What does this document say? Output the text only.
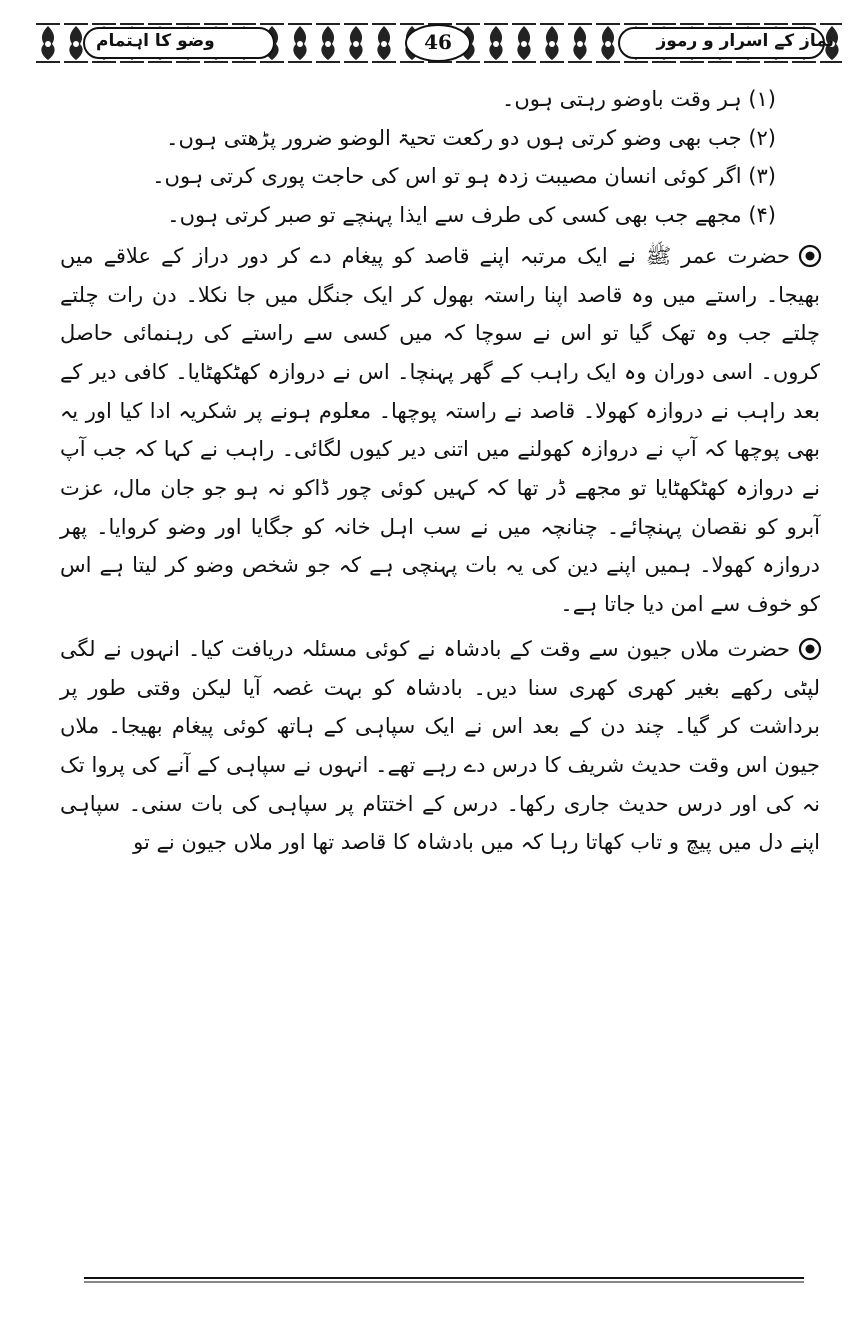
نماز کے اسرار و رموز
46
وضو کا اہتمام
(۱) ہر وقت باوضو رہتی ہوں۔
(۲) جب بھی وضو کرتی ہوں دو رکعت تحیۃ الوضو ضرور پڑھتی ہوں۔
(۳) اگر کوئی انسان مصیبت زدہ ہو تو اس کی حاجت پوری کرتی ہوں۔
(۴) مجھے جب بھی کسی کی طرف سے ایذا پہنچے تو صبر کرتی ہوں۔

حضرت عمر ﷺ نے ایک مرتبہ اپنے قاصد کو پیغام دے کر دور دراز کے علاقے میں بھیجا۔ راستے میں وہ قاصد اپنا راستہ بھول کر ایک جنگل میں جا نکلا۔ دن رات چلتے چلتے جب وہ تھک گیا تو اس نے سوچا کہ میں کسی سے راستے کی رہنمائی حاصل کروں۔ اسی دوران وہ ایک راہب کے گھر پہنچا۔ اس نے دروازہ کھٹکھٹایا۔ کافی دیر کے بعد راہب نے دروازہ کھولا۔ قاصد نے راستہ پوچھا۔ معلوم ہونے پر شکریہ ادا کیا اور یہ بھی پوچھا کہ آپ نے دروازہ کھولنے میں اتنی دیر کیوں لگائی۔ راہب نے کہا کہ جب آپ نے دروازہ کھٹکھٹایا تو مجھے ڈر تھا کہ کہیں کوئی چور ڈاکو نہ ہو جو جان مال، عزت آبرو کو نقصان پہنچائے۔ چنانچہ میں نے سب اہل خانہ کو جگایا اور وضو کروایا۔ پھر دروازہ کھولا۔ ہمیں اپنے دین کی یہ بات پہنچی ہے کہ جو شخص وضو کر لیتا ہے اس کو خوف سے امن دیا جاتا ہے۔

حضرت ملاں جیون سے وقت کے بادشاہ نے کوئی مسئلہ دریافت کیا۔ انہوں نے لگی لپٹی رکھے بغیر کھری کھری سنا دیں۔ بادشاہ کو بہت غصہ آیا لیکن وقتی طور پر برداشت کر گیا۔ چند دن کے بعد اس نے ایک سپاہی کے ہاتھ کوئی پیغام بھیجا۔ ملاں جیون اس وقت حدیث شریف کا درس دے رہے تھے۔ انہوں نے سپاہی کے آنے کی پروا تک نہ کی اور درس حدیث جاری رکھا۔ درس کے اختتام پر سپاہی کی بات سنی۔ سپاہی اپنے دل میں پیچ و تاب کھاتا رہا کہ میں بادشاہ کا قاصد تھا اور ملاں جیون نے تو
